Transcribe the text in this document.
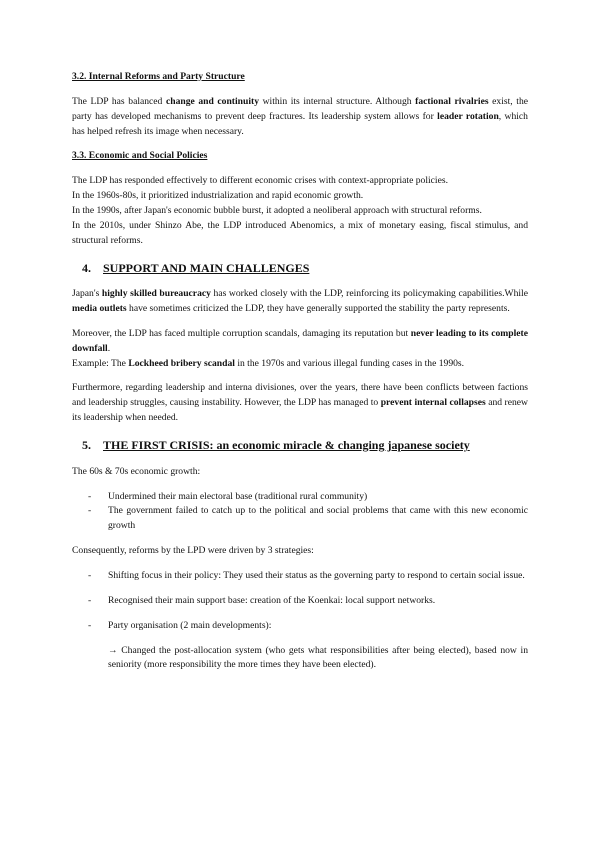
3.2. Internal Reforms and Party Structure

The LDP has balanced change and continuity within its internal structure. Although factional rivalries exist, the party has developed mechanisms to prevent deep fractures. Its leadership system allows for leader rotation, which has helped refresh its image when necessary.

3.3. Economic and Social Policies

The LDP has responded effectively to different economic crises with context-appropriate policies.

In the 1960s-80s, it prioritized industrialization and rapid economic growth.

In the 1990s, after Japan's economic bubble burst, it adopted a neoliberal approach with structural reforms.

In the 2010s, under Shinzo Abe, the LDP introduced Abenomics, a mix of monetary easing, fiscal stimulus, and structural reforms.

4. SUPPORT AND MAIN CHALLENGES

Japan's highly skilled bureaucracy has worked closely with the LDP, reinforcing its policymaking capabilities.While media outlets have sometimes criticized the LDP, they have generally supported the stability the party represents.

Moreover, the LDP has faced multiple corruption scandals, damaging its reputation but never leading to its complete downfall.

Example: The Lockheed bribery scandal in the 1970s and various illegal funding cases in the 1990s.

Furthermore, regarding leadership and interna divisiones, over the years, there have been conflicts between factions and leadership struggles, causing instability. However, the LDP has managed to prevent internal collapses and renew its leadership when needed.

5. THE FIRST CRISIS: an economic miracle & changing japanese society

The 60s & 70s economic growth:

- Undermined their main electoral base (traditional rural community)
- The government failed to catch up to the political and social problems that came with this new economic growth

Consequently, reforms by the LPD were driven by 3 strategies:

- Shifting focus in their policy: They used their status as the governing party to respond to certain social issue.
- Recognised their main support base: creation of the Koenkai: local support networks.
- Party organisation (2 main developments):

→ Changed the post-allocation system (who gets what responsibilities after being elected), based now in seniority (more responsibility the more times they have been elected).
